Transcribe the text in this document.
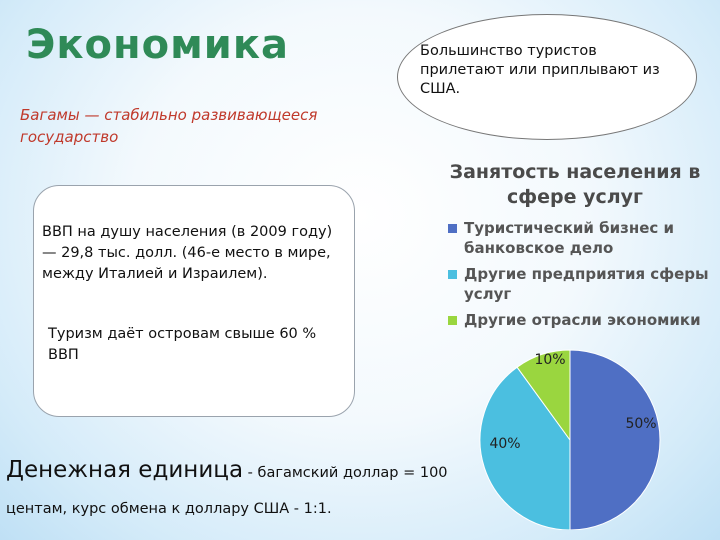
Экономика
Багамы — стабильно развивающееся государство
ВВП на душу населения (в 2009 году) — 29,8 тыс. долл. (46-е место в мире, между Италией и Израилем).
Туризм даёт островам свыше 60 % ВВП
Большинство туристов прилетают или приплывают из США.
Денежная единица - багамский доллар = 100 центам, курс обмена к доллару США - 1:1.
Занятость населения в сфере услуг
Туристический бизнес и банковское дело
Другие предприятия сферы услуг
Другие отрасли экономики
50%
40%
10%
